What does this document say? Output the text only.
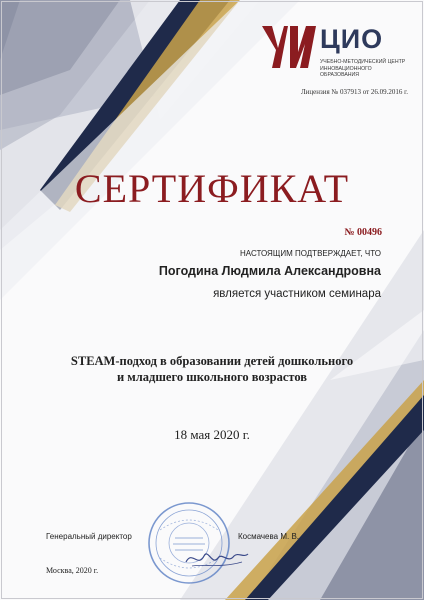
ЦИО
УЧЕБНО-МЕТОДИЧЕСКИЙ ЦЕНТР ИННОВАЦИОННОГО ОБРАЗОВАНИЯ
Лицензия № 037913 от 26.09.2016 г.
СЕРТИФИКАТ
№ 00496
НАСТОЯЩИМ ПОДТВЕРЖДАЕТ, ЧТО
Погодина Людмила Александровна
является участником семинара
STEAM-подход в образовании детей дошкольного
и младшего школьного возрастов
18 мая 2020 г.
Генеральный директор	Космачева М. В.
Москва, 2020 г.
